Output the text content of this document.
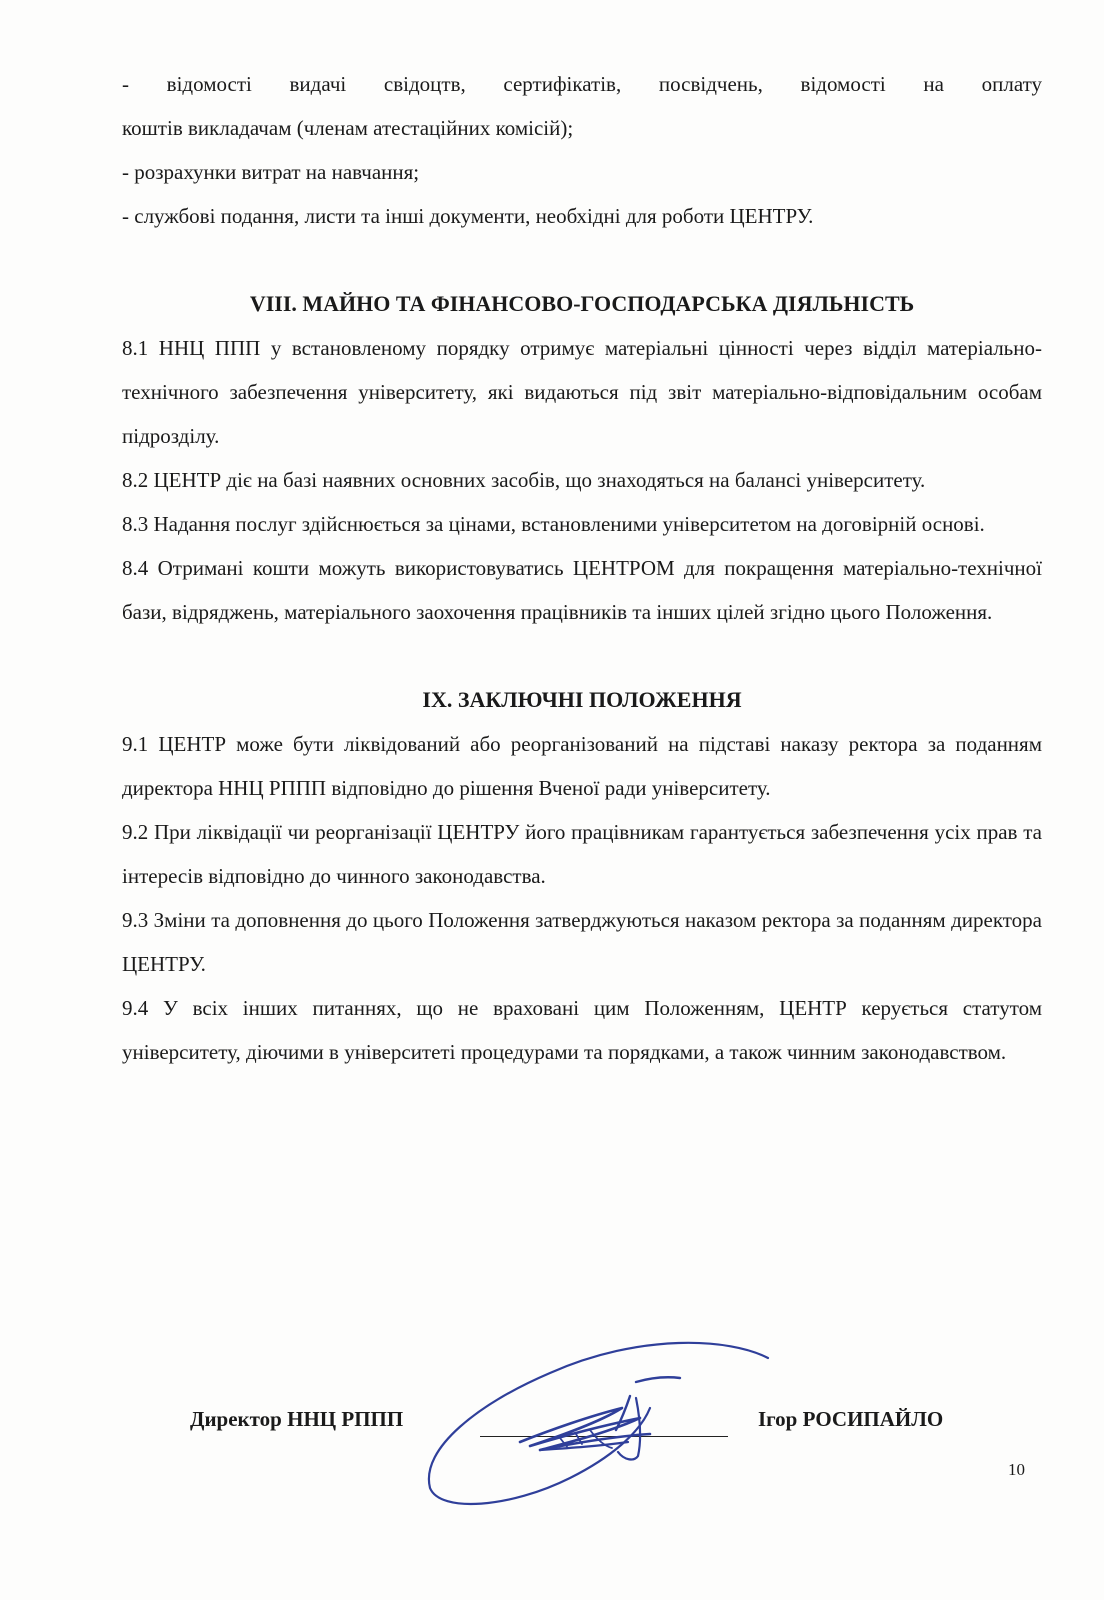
- відомості видачі свідоцтв, сертифікатів, посвідчень, відомості на оплату

коштів викладачам (членам атестаційних комісій);

- розрахунки витрат на навчання;

- службові подання, листи та інші документи, необхідні для роботи ЦЕНТРУ.

VIII. МАЙНО ТА ФІНАНСОВО-ГОСПОДАРСЬКА ДІЯЛЬНІСТЬ

8.1 ННЦ ППП у встановленому порядку отримує матеріальні цінності через відділ матеріально-технічного забезпечення університету, які видаються під звіт матеріально-відповідальним особам підрозділу.

8.2 ЦЕНТР діє на базі наявних основних засобів, що знаходяться на балансі університету.

8.3 Надання послуг здійснюється за цінами, встановленими університетом на договірній основі.

8.4 Отримані кошти можуть використовуватись ЦЕНТРОМ для покращення матеріально-технічної бази, відряджень, матеріального заохочення працівників та інших цілей згідно цього Положення.

IX. ЗАКЛЮЧНІ ПОЛОЖЕННЯ

9.1 ЦЕНТР може бути ліквідований або реорганізований на підставі наказу ректора за поданням директора ННЦ РППП відповідно до рішення Вченої ради університету.

9.2 При ліквідації чи реорганізації ЦЕНТРУ його працівникам гарантується забезпечення усіх прав та інтересів відповідно до чинного законодавства.

9.3 Зміни та доповнення до цього Положення затверджуються наказом ректора за поданням директора ЦЕНТРУ.

9.4 У всіх інших питаннях, що не враховані цим Положенням, ЦЕНТР керується статутом університету, діючими в університеті процедурами та порядками, а також чинним законодавством.

Директор ННЦ РППП	Ігор РОСИПАЙЛО
10
